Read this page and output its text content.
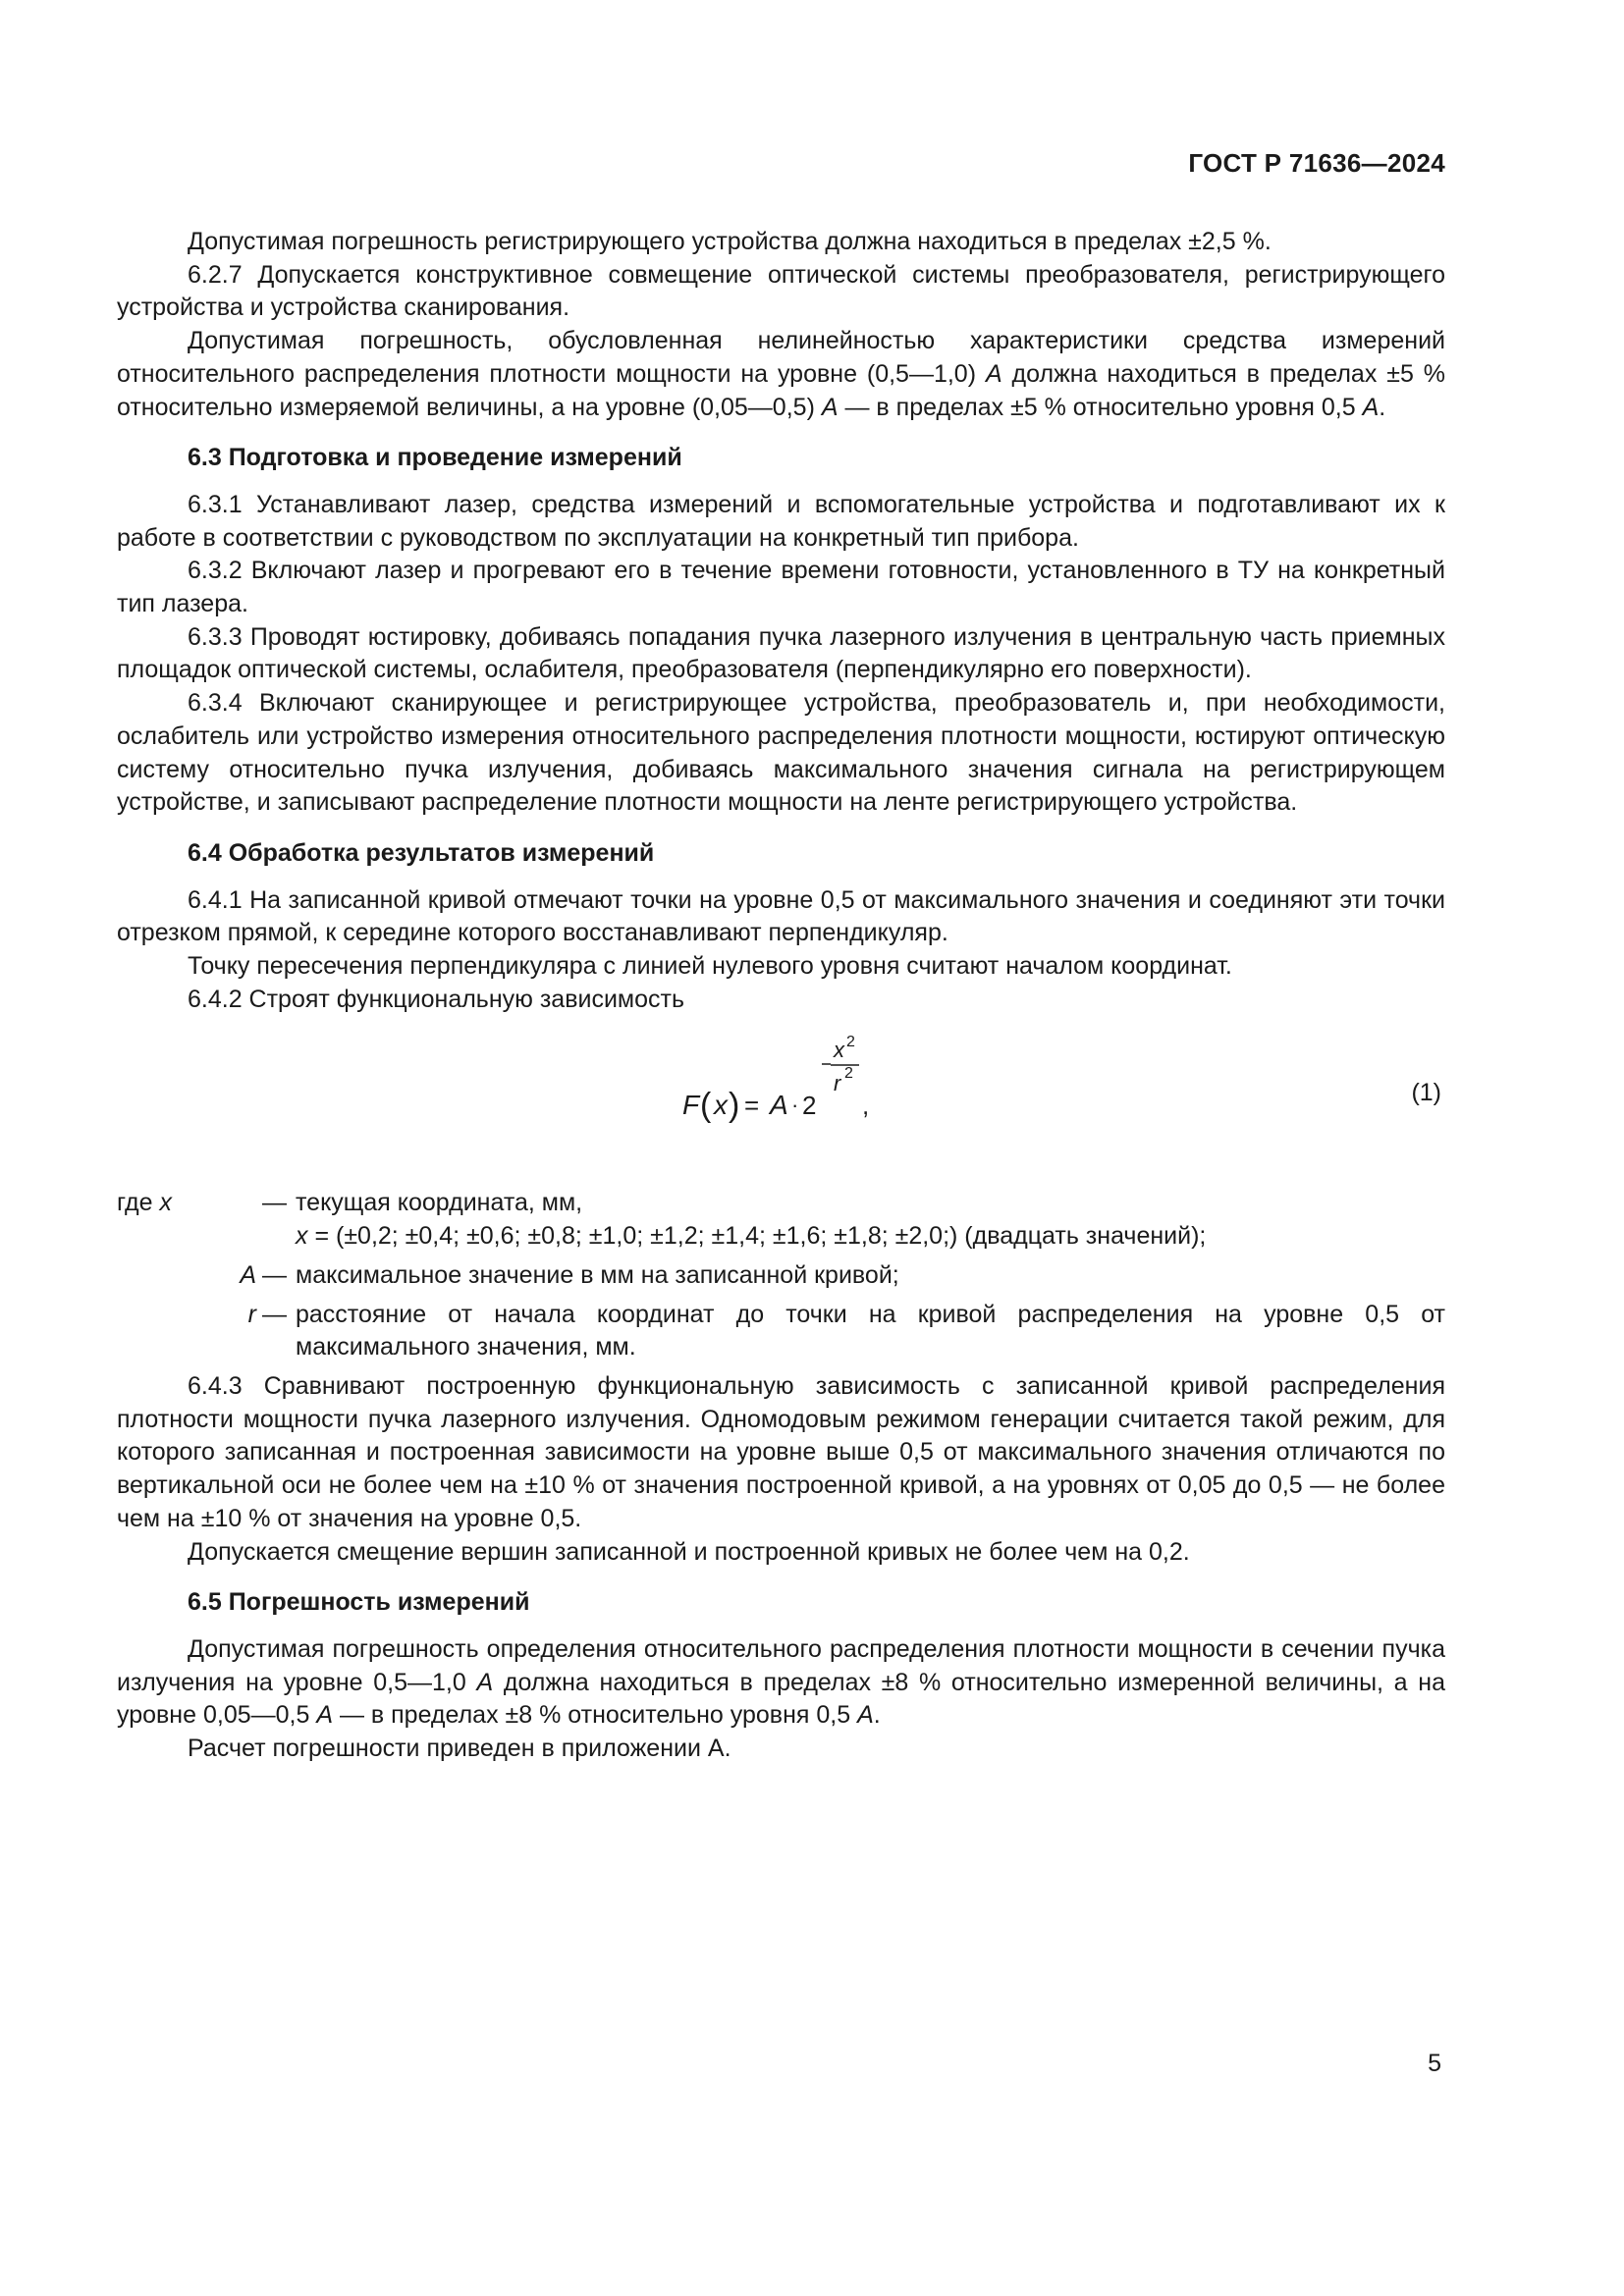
ГОСТ Р 71636—2024

Допустимая погрешность регистрирующего устройства должна находиться в пределах ±2,5 %.

6.2.7 Допускается конструктивное совмещение оптической системы преобразователя, регистрирующего устройства и устройства сканирования.

Допустимая погрешность, обусловленная нелинейностью характеристики средства измерений относительного распределения плотности мощности на уровне (0,5—1,0) А должна находиться в пределах ±5 % относительно измеряемой величины, а на уровне (0,05—0,5) А — в пределах ±5 % относительно уровня 0,5 А.

6.3 Подготовка и проведение измерений

6.3.1 Устанавливают лазер, средства измерений и вспомогательные устройства и подготавливают их к работе в соответствии с руководством по эксплуатации на конкретный тип прибора.

6.3.2 Включают лазер и прогревают его в течение времени готовности, установленного в ТУ на конкретный тип лазера.

6.3.3 Проводят юстировку, добиваясь попадания пучка лазерного излучения в центральную часть приемных площадок оптической системы, ослабителя, преобразователя (перпендикулярно его поверхности).

6.3.4 Включают сканирующее и регистрирующее устройства, преобразователь и, при необходимости, ослабитель или устройство измерения относительного распределения плотности мощности, юстируют оптическую систему относительно пучка излучения, добиваясь максимального значения сигнала на регистрирующем устройстве, и записывают распределение плотности мощности на ленте регистрирующего устройства.

6.4 Обработка результатов измерений

6.4.1 На записанной кривой отмечают точки на уровне 0,5 от максимального значения и соединяют эти точки отрезком прямой, к середине которого восстанавливают перпендикуляр.

Точку пересечения перпендикуляра с линией нулевого уровня считают началом координат.

6.4.2 Строят функциональную зависимость

F ( x ) = A · 2
x 2
r 2
,	(1)
где x	— текущая координата, мм,
x = (±0,2; ±0,4; ±0,6; ±0,8; ±1,0; ±1,2; ±1,4; ±1,6; ±1,8; ±2,0;) (двадцать значений);
A — максимальное значение в мм на записанной кривой;
r — расстояние от начала координат до точки на кривой распределения на уровне 0,5 от максимального значения, мм.

6.4.3 Сравнивают построенную функциональную зависимость с записанной кривой распределения плотности мощности пучка лазерного излучения. Одномодовым режимом генерации считается такой режим, для которого записанная и построенная зависимости на уровне выше 0,5 от максимального значения отличаются по вертикальной оси не более чем на ±10 % от значения построенной кривой, а на уровнях от 0,05 до 0,5 — не более чем на ±10 % от значения на уровне 0,5.

Допускается смещение вершин записанной и построенной кривых не более чем на 0,2.

6.5 Погрешность измерений

Допустимая погрешность определения относительного распределения плотности мощности в сечении пучка излучения на уровне 0,5—1,0 А должна находиться в пределах ±8 % относительно измеренной величины, а на уровне 0,05—0,5 А — в пределах ±8 % относительно уровня 0,5 А.

Расчет погрешности приведен в приложении А.

5
